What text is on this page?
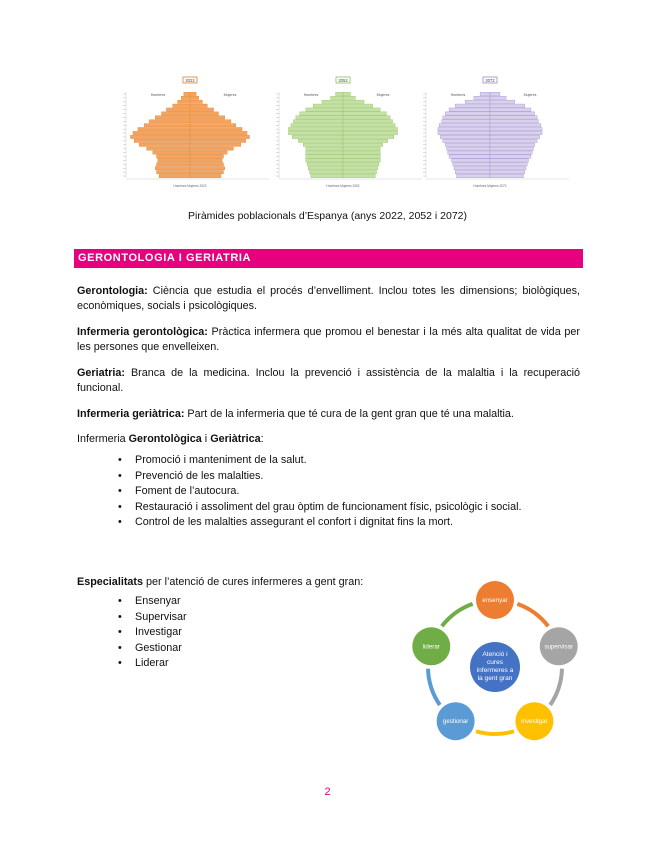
2022
Hombres	Mujeres
Hombres Mujeres 2022
2052
Hombres	Mujeres
Hombres Mujeres 2052
2072
Hombres	Mujeres
Hombres Mujeres 2072
Piràmides poblacionals d’Espanya (anys 2022, 2052 i 2072)
GERONTOLOGIA I GERIATRIA

Gerontologia: Ciència que estudia el procés d’envelliment. Inclou totes les dimensions; biològiques, econòmiques, socials i psicològiques.

Infermeria gerontològica: Pràctica infermera que promou el benestar i la més alta qualitat de vida per les persones que envelleixen.

Geriatria: Branca de la medicina. Inclou la prevenció i assistència de la malaltia i la recuperació funcional.

Infermeria geriàtrica: Part de la infermeria que té cura de la gent gran que té una malaltia.

Infermeria Gerontològica i Geriàtrica:

• Promoció i manteniment de la salut.
• Prevenció de les malalties.
• Foment de l’autocura.
• Restauració i assoliment del grau òptim de funcionament físic, psicològic i social.
• Control de les malalties assegurant el confort i dignitat fins la mort.

Especialitats per l’atenció de cures infermeres a gent gran:

• Ensenyar
• Supervisar
• Investigar
• Gestionar
• Liderar
Atenció i
cures
infermeres a
la gent gran
ensenyar
supervisar
investigar
gestionar
liderar
2
